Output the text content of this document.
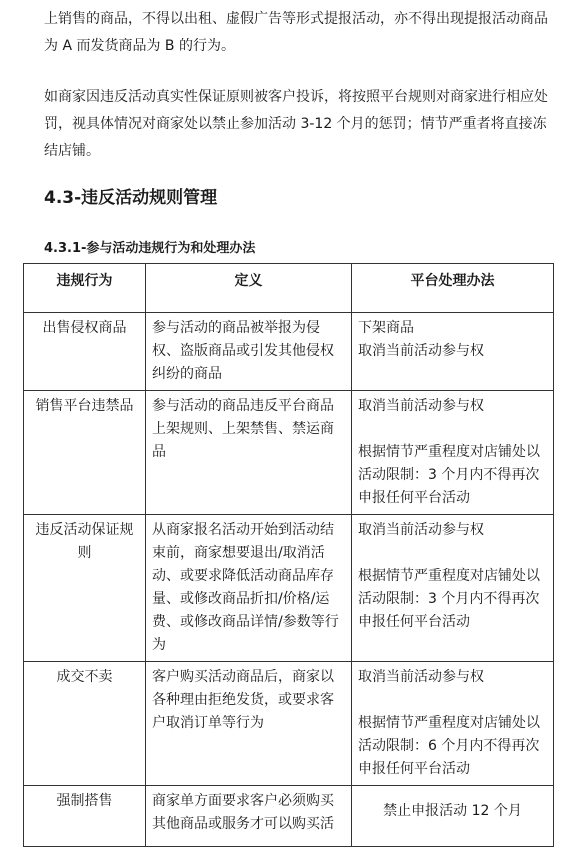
上销售的商品，不得以出租、虚假广告等形式提报活动，亦不得出现提报活动商品为 A 而发货商品为 B 的行为。

如商家因违反活动真实性保证原则被客户投诉，将按照平台规则对商家进行相应处罚，视具体情况对商家处以禁止参加活动 3-12 个月的惩罚；情节严重者将直接冻结店铺。

4.3-违反活动规则管理
4.3.1-参与活动违规行为和处理办法
违规行为	定义	平台处理办法

出售侵权商品	参与活动的商品被举报为侵权、盗版商品或引发其他侵权纠纷的商品	下架商品
取消当前活动参与权

销售平台违禁品	参与活动的商品违反平台商品上架规则、上架禁售、禁运商品	取消当前活动参与权
根据情节严重程度对店铺处以活动限制：3 个月内不得再次申报任何平台活动

违反活动保证规则	从商家报名活动开始到活动结束前，商家想要退出/取消活动、或要求降低活动商品库存量、或修改商品折扣/价格/运费、或修改商品详情/参数等行为	取消当前活动参与权
根据情节严重程度对店铺处以活动限制：3 个月内不得再次申报任何平台活动

成交不卖	客户购买活动商品后，商家以各种理由拒绝发货，或要求客户取消订单等行为	取消当前活动参与权
根据情节严重程度对店铺处以活动限制：6 个月内不得再次申报任何平台活动

强制搭售	商家单方面要求客户必须购买其他商品或服务才可以购买活	禁止申报活动 12 个月
